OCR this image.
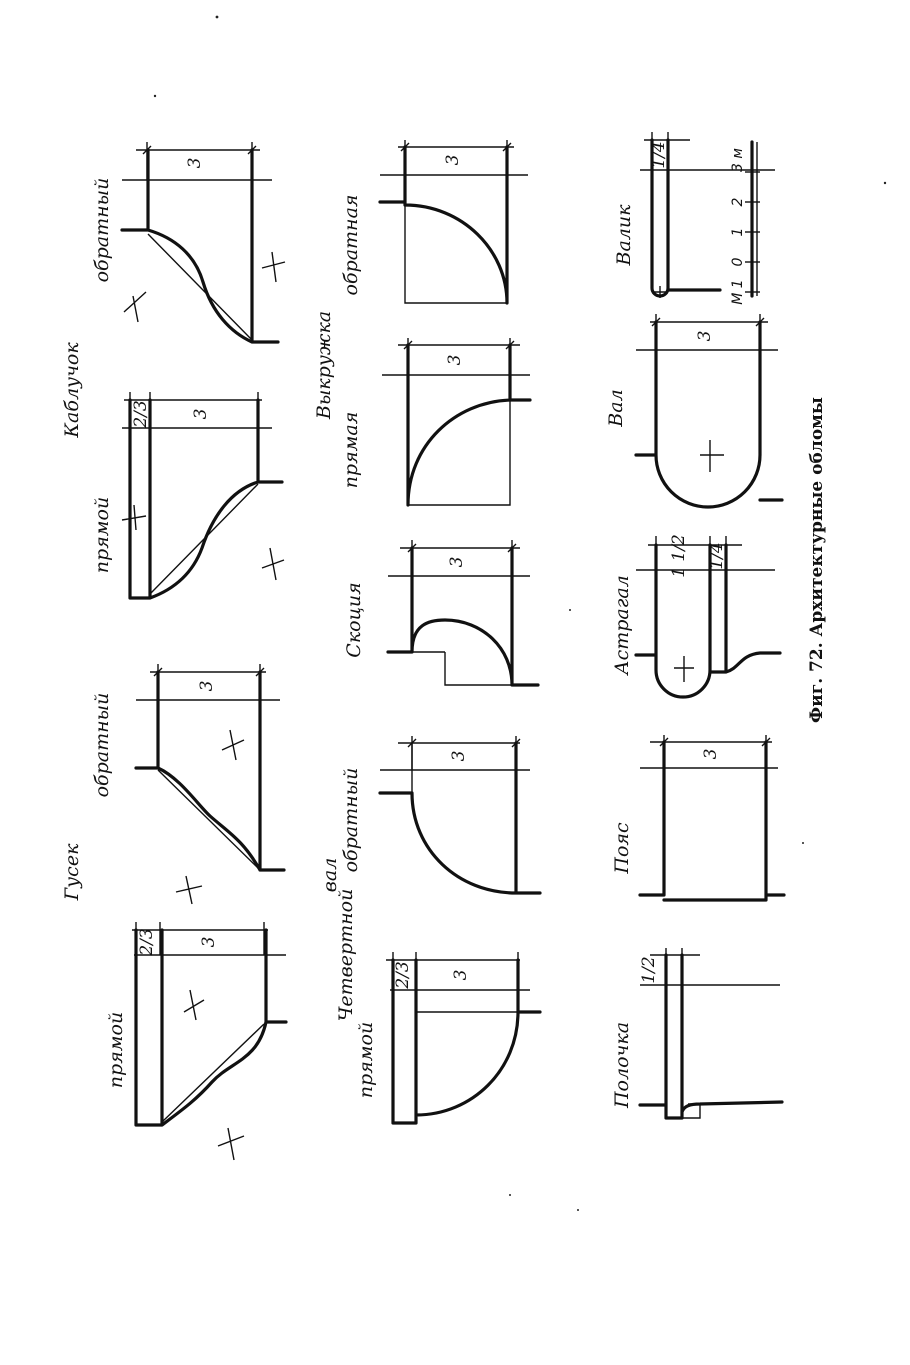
Каблучок
Гусек
Выкружка
Четвертной
вал
обратный
прямой
обратный
прямой
обратная
прямая
Скоция
обратный
прямой
Валик
Вал
Астрагал
Пояс
Полочка
Фиг. 72. Архитектурные обломы
3
2/3 3
3
2/3 3
3
3
3
3
2/3 3
1/4
М 1
0
1
2
3 м
3
1 1/2 1/4
3
1/2
